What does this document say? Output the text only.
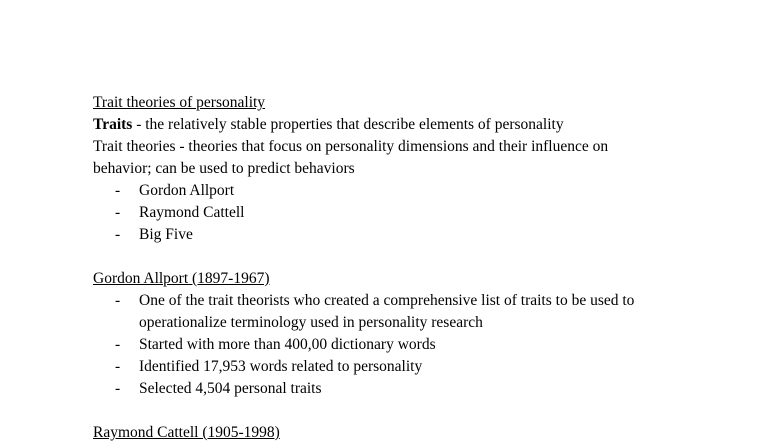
Trait theories of personality
Traits - the relatively stable properties that describe elements of personality
Trait theories - theories that focus on personality dimensions and their influence on
behavior; can be used to predict behaviors
- Gordon Allport
- Raymond Cattell
- Big Five
Gordon Allport (1897-1967)
- One of the trait theorists who created a comprehensive list of traits to be used to operationalize terminology used in personality research
- Started with more than 400,00 dictionary words
- Identified 17,953 words related to personality
- Selected 4,504 personal traits
Raymond Cattell (1905-1998)
